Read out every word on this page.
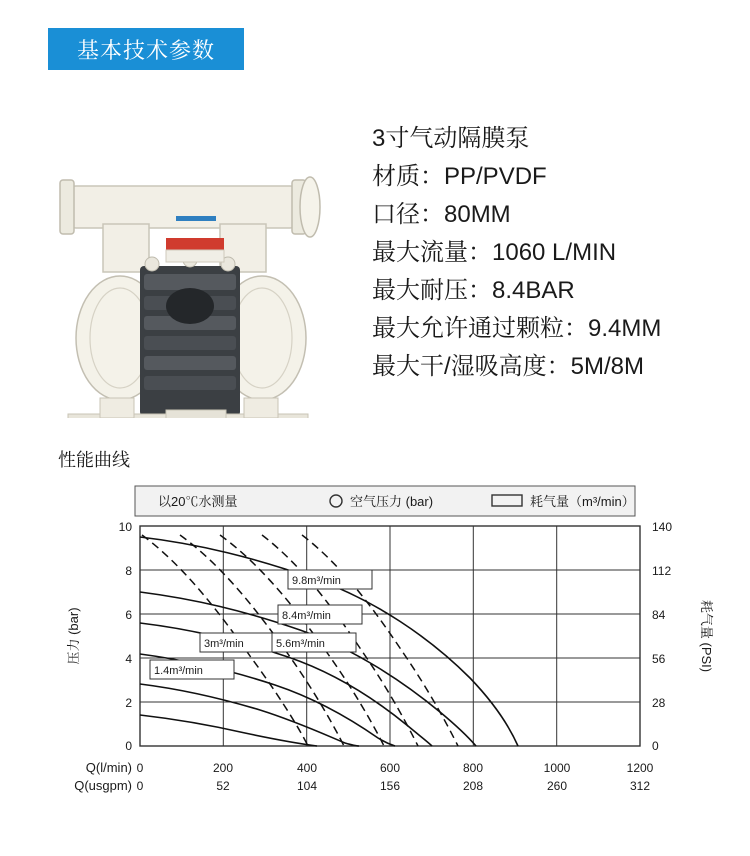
基本技术参数
3寸气动隔膜泵
材质：PP/PVDF
口径：80MM
最大流量：1060 L/MIN
最大耐压：8.4BAR
最大允许通过颗粒：9.4MM
最大干/湿吸高度：5M/8M
性能曲线
以20℃水测量	空气压力 (bar)	耗气量（m³/min）
9.8m³/min
8.4m³/min
3m³/min	5.6m³/min
1.4m³/min
10
8
6
4
2
0
压力 (bar)
140
112
84
56
28
0
耗气量 (PSI)
Q(l/min) 0	200	400	600	800	1000	1200
Q(usgpm) 0	52	104	156	208	260	312
